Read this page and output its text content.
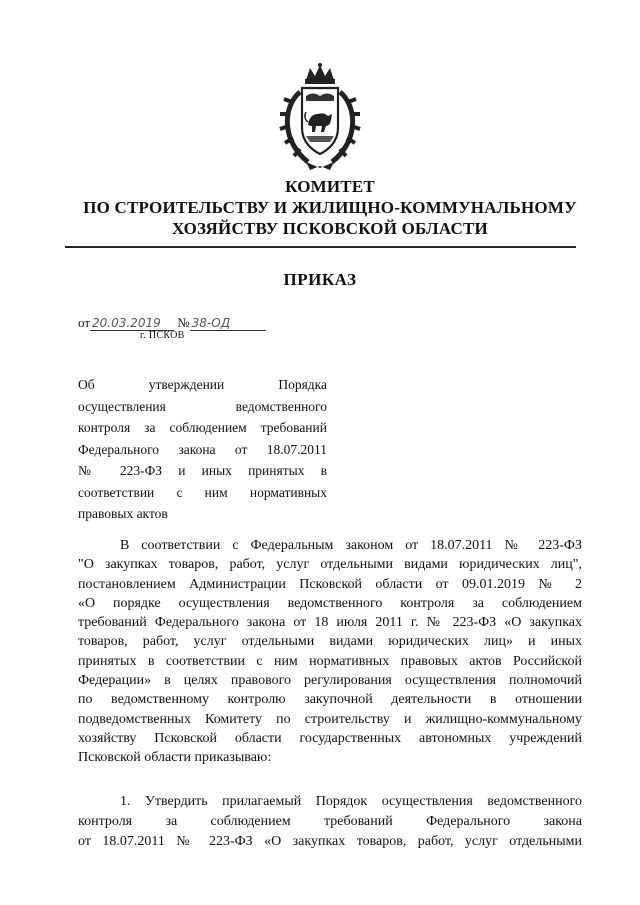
КОМИТЕТ
ПО СТРОИТЕЛЬСТВУ И ЖИЛИЩНО-КОММУНАЛЬНОМУ
ХОЗЯЙСТВУ ПСКОВСКОЙ ОБЛАСТИ
ПРИКАЗ
от 20.03.2019 № 38-ОД
г. ПСКОВ
Об утверждении Порядка
осуществления ведомственного
контроля за соблюдением требований
Федерального закона от 18.07.2011
№ 223-ФЗ и иных принятых в
соответствии с ним нормативных
правовых актов
В соответствии с Федеральным законом от 18.07.2011 № 223-ФЗ
"О закупках товаров, работ, услуг отдельными видами юридических лиц",
постановлением Администрации Псковской области от 09.01.2019 № 2
«О порядке осуществления ведомственного контроля за соблюдением
требований Федерального закона от 18 июля 2011 г. № 223-ФЗ «О закупках
товаров, работ, услуг отдельными видами юридических лиц» и иных
принятых в соответствии с ним нормативных правовых актов Российской
Федерации» в целях правового регулирования осуществления полномочий
по ведомственному контролю закупочной деятельности в отношении
подведомственных Комитету по строительству и жилищно-коммунальному
хозяйству Псковской области государственных автономных учреждений
Псковской области приказываю:
1. Утвердить прилагаемый Порядок осуществления ведомственного
контроля за соблюдением требований Федерального закона
от 18.07.2011 № 223-ФЗ «О закупках товаров, работ, услуг отдельными
